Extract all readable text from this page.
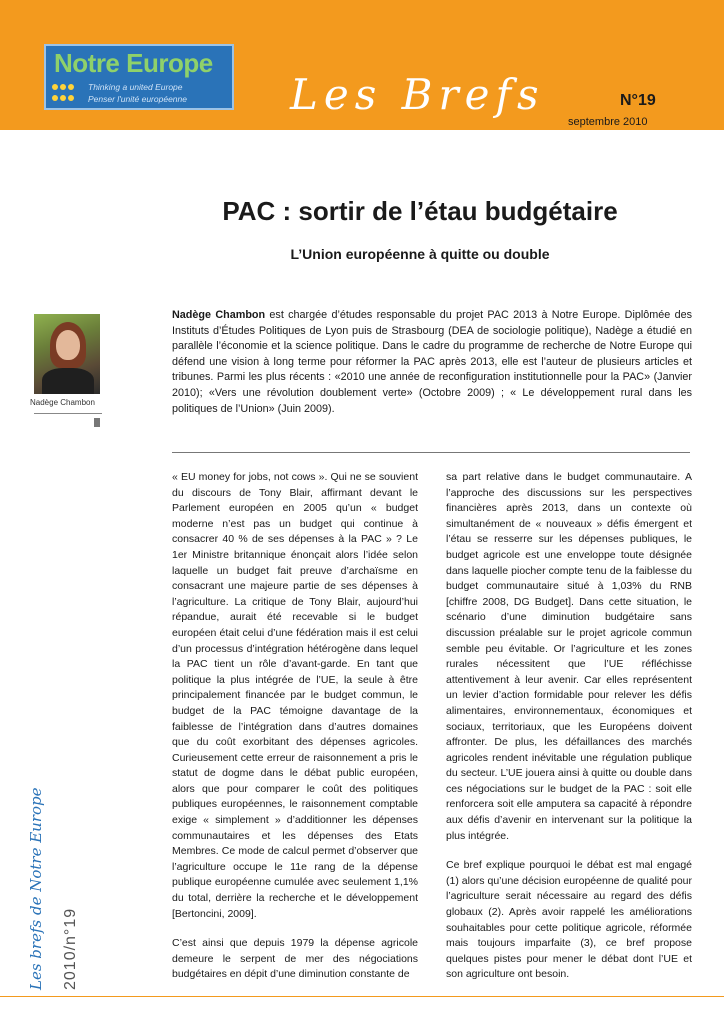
Notre Europe
Thinking a united Europe
Penser l'unité européenne Les Brefs	N°19
septembre 2010
PAC : sortir de l’étau budgétaire
L’Union européenne à quitte ou double
Nadège Chambon
Nadège Chambon est chargée d’études responsable du projet PAC 2013 à Notre Europe. Diplômée des Instituts d’Études Politiques de Lyon puis de Strasbourg (DEA de sociologie politique), Nadège a étudié en parallèle l’économie et la science politique. Dans le cadre du programme de recherche de Notre Europe qui défend une vision à long terme pour réformer la PAC après 2013, elle est l’auteur de plusieurs articles et tribunes. Parmi les plus récents : «2010 une année de reconfiguration institutionnelle pour la PAC» (Janvier 2010); «Vers une révolution doublement verte» (Octobre 2009) ; « Le développement rural dans les politiques de l’Union» (Juin 2009).

« EU money for jobs, not cows ». Qui ne se souvient du discours de Tony Blair, affirmant devant le Parlement européen en 2005 qu’un « budget moderne n’est pas un budget qui continue à consacrer 40 % de ses dépenses à la PAC » ? Le 1er Ministre britannique énonçait alors l’idée selon laquelle un budget fait preuve d’archaïsme en consacrant une majeure partie de ses dépenses à l’agriculture. La critique de Tony Blair, aujourd’hui répandue, aurait été recevable si le budget européen était celui d’une fédération mais il est celui d’un processus d’intégration hétérogène dans lequel la PAC tient un rôle d’avant-garde. En tant que politique la plus intégrée de l’UE, la seule à être principalement financée par le budget commun, le budget de la PAC témoigne davantage de la faiblesse de l’intégration dans d’autres domaines que du coût exorbitant des dépenses agricoles. Curieusement cette erreur de raisonnement a pris le statut de dogme dans le débat public européen, alors que pour comparer le coût des politiques publiques européennes, le raisonnement comptable exige « simplement » d’additionner les dépenses communautaires et les dépenses des Etats Membres. Ce mode de calcul permet d’observer que l’agriculture occupe le 11e rang de la dépense publique européenne cumulée avec seulement 1,1% du total, derrière la recherche et le développement [Bertoncini, 2009].

C’est ainsi que depuis 1979 la dépense agricole demeure le serpent de mer des négociations budgétaires en dépit d’une diminution constante de

sa part relative dans le budget communautaire. A l’approche des discussions sur les perspectives financières après 2013, dans un contexte où simultanément de « nouveaux » défis émergent et l’étau se resserre sur les dépenses publiques, le budget agricole est une enveloppe toute désignée dans laquelle piocher compte tenu de la faiblesse du budget communautaire situé à 1,03% du RNB [chiffre 2008, DG Budget]. Dans cette situation, le scénario d’une diminution budgétaire sans discussion préalable sur le projet agricole commun semble peu évitable. Or l’agriculture et les zones rurales nécessitent que l’UE réfléchisse attentivement à leur avenir. Car elles représentent un levier d’action formidable pour relever les défis alimentaires, environnementaux, économiques et sociaux, territoriaux, que les Européens doivent affronter. De plus, les défaillances des marchés agricoles rendent inévitable une régulation publique du secteur. L’UE jouera ainsi à quitte ou double dans ces négociations sur le budget de la PAC : soit elle renforcera soit elle amputera sa capacité à répondre aux défis d’avenir en intervenant sur la politique la plus intégrée.

Ce bref explique pourquoi le débat est mal engagé (1) alors qu’une décision européenne de qualité pour l’agriculture serait nécessaire au regard des défis globaux (2). Après avoir rappelé les améliorations souhaitables pour cette politique agricole, réformée mais toujours imparfaite (3), ce bref propose quelques pistes pour mener le débat dont l’UE et son agriculture ont besoin.

Les brefs de Notre Europe 2010/n°19
